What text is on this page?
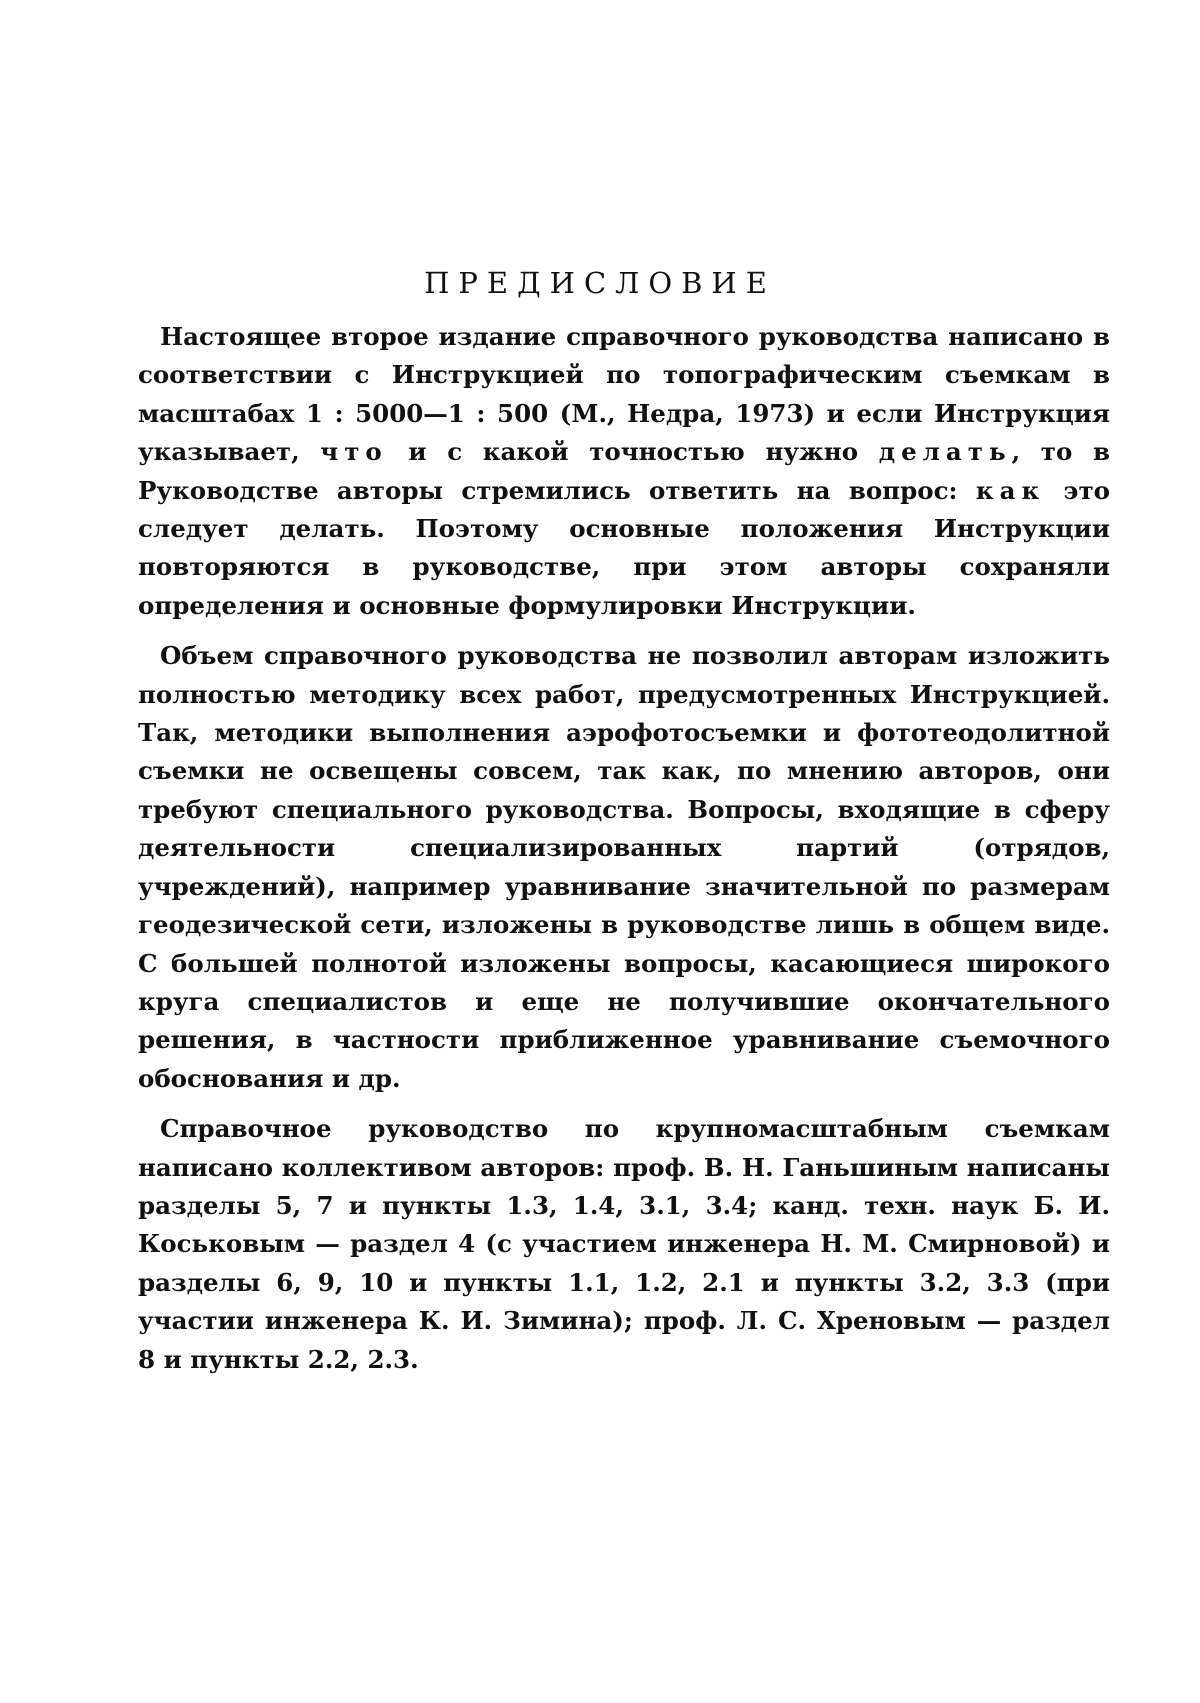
ПРЕДИСЛОВИЕ

Настоящее второе издание справочного руководства написано в соответствии с Инструкцией по топографическим съемкам в масштабах 1 : 5000—1 : 500 (М., Недра, 1973) и если Инструкция указывает, что и с какой точностью нужно делать, то в Руководстве авторы стремились ответить на вопрос: как это следует делать. Поэтому основные положения Инструкции повторяются в руководстве, при этом авторы сохраняли определения и основные формулировки Инструкции.

Объем справочного руководства не позволил авторам изложить полностью методику всех работ, предусмотренных Инструкцией. Так, методики выполнения аэрофотосъемки и фототеодолитной съемки не освещены совсем, так как, по мнению авторов, они требуют специального руководства. Вопросы, входящие в сферу деятельности специализированных партий (отрядов, учреждений), например уравнивание значительной по размерам геодезической сети, изложены в руководстве лишь в общем виде. С большей полнотой изложены вопросы, касающиеся широкого круга специалистов и еще не получившие окончательного решения, в частности приближенное уравнивание съемочного обоснования и др.

Справочное руководство по крупномасштабным съемкам написано коллективом авторов: проф. В. Н. Ганьшиным написаны разделы 5, 7 и пункты 1.3, 1.4, 3.1, 3.4; канд. техн. наук Б. И. Коськовым — раздел 4 (с участием инженера Н. М. Смирновой) и разделы 6, 9, 10 и пункты 1.1, 1.2, 2.1 и пункты 3.2, 3.3 (при участии инженера К. И. Зимина); проф. Л. С. Хреновым — раздел 8 и пункты 2.2, 2.3.
